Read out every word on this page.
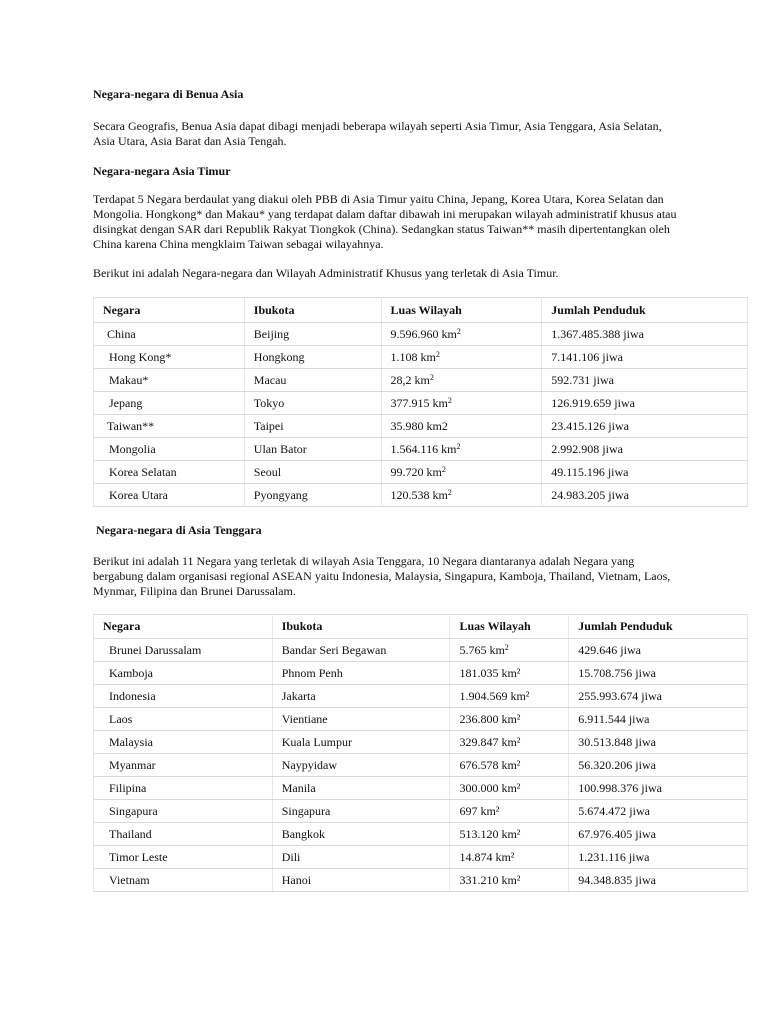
Negara-negara di Benua Asia

Secara Geografis, Benua Asia dapat dibagi menjadi beberapa wilayah seperti Asia Timur, Asia Tenggara, Asia Selatan, Asia Utara, Asia Barat dan Asia Tengah.

Negara-negara Asia Timur

Terdapat 5 Negara berdaulat yang diakui oleh PBB di Asia Timur yaitu China, Jepang, Korea Utara, Korea Selatan dan Mongolia. Hongkong* dan Makau* yang terdapat dalam daftar dibawah ini merupakan wilayah administratif khusus atau disingkat dengan SAR dari Republik Rakyat Tiongkok (China). Sedangkan status Taiwan** masih dipertentangkan oleh China karena China mengklaim Taiwan sebagai wilayahnya.

Berikut ini adalah Negara-negara dan Wilayah Administratif Khusus yang terletak di Asia Timur.

Negara	Ibukota	Luas Wilayah	Jumlah Penduduk
China	Beijing	9.596.960 $km^2$	1.367.485.388 jiwa
Hong Kong*	Hongkong	1.108 $km^2$	7.141.106 jiwa
Makau*	Macau	28,2 $km^2$	592.731 jiwa
Jepang	Tokyo	377.915 $km^2$	126.919.659 jiwa
Taiwan**	Taipei	35.980 km2	23.415.126 jiwa
Mongolia	Ulan Bator	1.564.116 $km^2$	2.992.908 jiwa
Korea Selatan	Seoul	99.720 $km^2$	49.115.196 jiwa
Korea Utara	Pyongyang	120.538 $km^2$	24.983.205 jiwa
Negara-negara di Asia Tenggara

Berikut ini adalah 11 Negara yang terletak di wilayah Asia Tenggara, 10 Negara diantaranya adalah Negara yang bergabung dalam organisasi regional ASEAN yaitu Indonesia, Malaysia, Singapura, Kamboja, Thailand, Vietnam, Laos, Mynmar, Filipina dan Brunei Darussalam.

Negara	Ibukota	Luas Wilayah	Jumlah Penduduk
Brunei Darussalam	Bandar Seri Begawan	5.765 $km^2$	429.646 jiwa
Kamboja	Phnom Penh	181.035 km²	15.708.756 jiwa
Indonesia	Jakarta	1.904.569 km²	255.993.674 jiwa
Laos	Vientiane	236.800 km²	6.911.544 jiwa
Malaysia	Kuala Lumpur	329.847 km²	30.513.848 jiwa
Myanmar	Naypyidaw	676.578 km²	56.320.206 jiwa
Filipina	Manila	300.000 km²	100.998.376 jiwa
Singapura	Singapura	697 km²	5.674.472 jiwa
Thailand	Bangkok	513.120 km²	67.976.405 jiwa
Timor Leste	Dili	14.874 km²	1.231.116 jiwa
Vietnam	Hanoi	331.210 km²	94.348.835 jiwa
